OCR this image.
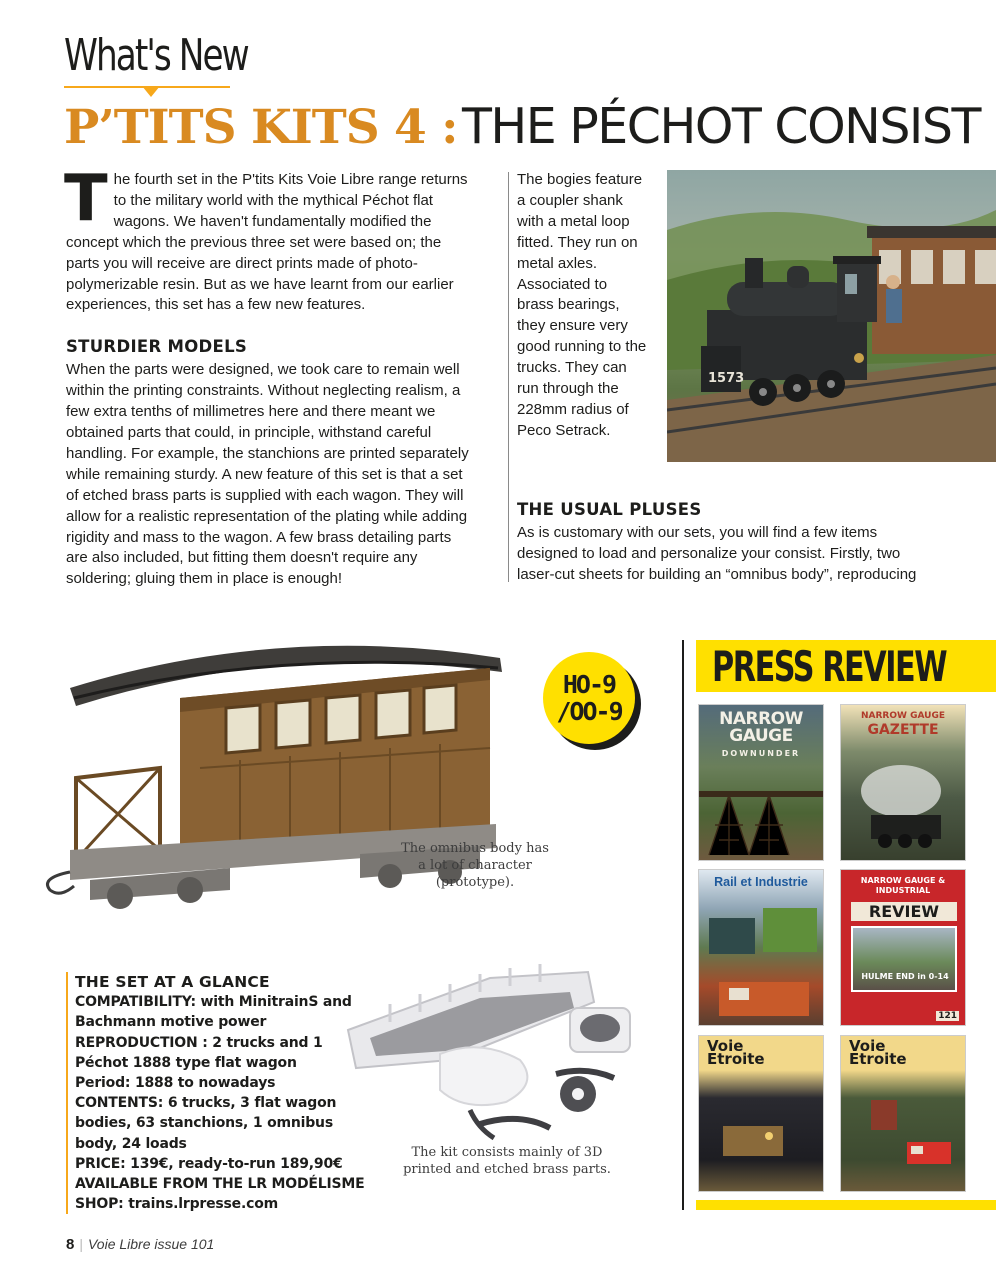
What's New
P’TITS KITS 4 : THE PÉCHOT CONSIST
The fourth set in the P'tits Kits Voie Libre range returns to the military world with the mythical Péchot flat wagons. We haven't fundamentally modified the concept which the previous three set were based on; the parts you will receive are direct prints made of photo-polymerizable resin. But as we have learnt from our earlier experiences, this set has a few new features.
STURDIER MODELS
When the parts were designed, we took care to remain well within the printing constraints. Without neglecting realism, a few extra tenths of millimetres here and there meant we obtained parts that could, in principle, withstand careful handling. For example, the stanchions are printed separately while remaining sturdy. A new feature of this set is that a set of etched brass parts is supplied with each wagon. They will allow for a realistic representation of the plating while adding rigidity and mass to the wagon. A few brass detailing parts are also included, but fitting them doesn't require any soldering; gluing them in place is enough!
The bogies feature a coupler shank with a metal loop fitted. They run on metal axles. Associated to brass bearings, they ensure very good running to the trucks. They can run through the 228mm radius of Peco Setrack.
THE USUAL PLUSES
As is customary with our sets, you will find a few items designed to load and personalize your consist. Firstly, two laser-cut sheets for building an “omnibus body”, reproducing
1573
HO-9
/OO-9
The omnibus body has a lot of character (prototype).
The kit consists mainly of 3D printed and etched brass parts.
THE SET AT A GLANCE
COMPATIBILITY: with MinitrainS and Bachmann motive power
REPRODUCTION : 2 trucks and 1 Péchot 1888 type flat wagon
Period: 1888 to nowadays
CONTENTS: 6 trucks, 3 flat wagon bodies, 63 stanchions, 1 omnibus body, 24 loads
PRICE: 139€, ready-to-run 189,90€
AVAILABLE FROM THE LR MODÉLISME SHOP: trains.lrpresse.com
PRESS REVIEW
NARROW GAUGE
DOWNUNDER
NARROW GAUGE
GAZETTE
Rail et Industrie	NARROW GAUGE & INDUSTRIAL
REVIEW
HULME END in 0-14
121
Voie
Etroite
Voie
Etroite
8 | Voie Libre issue 101
